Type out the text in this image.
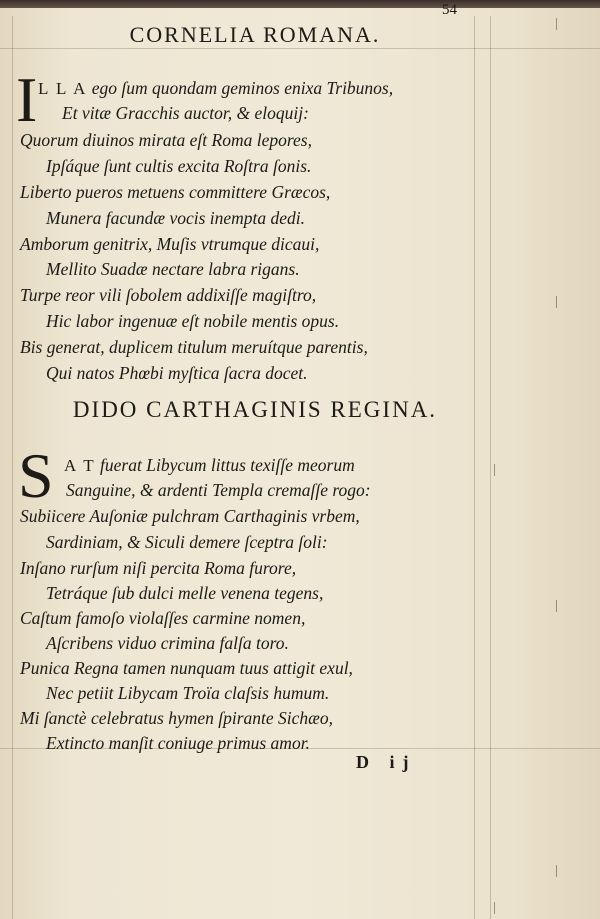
54
CORNELIA ROMANA.
I L L A ego ſum quondam geminos enixa Tribunos,
Et vitæ Gracchis auctor, & eloquij:
Quorum diuinos mirata eſt Roma lepores,
Ipſáque ſunt cultis excita Roſtra ſonis.
Liberto pueros metuens committere Græcos,
Munera facundæ vocis inempta dedi.
Amborum genitrix, Muſis vtrumque dicaui,
Mellito Suadæ nectare labra rigans.
Turpe reor vili ſobolem addixiſſe magiſtro,
Hic labor ingenuæ eſt nobile mentis opus.
Bis generat, duplicem titulum meruítque parentis,
Qui natos Phœbi myſtica ſacra docet.
DIDO CARTHAGINIS REGINA.
S A T fuerat Libycum littus texiſſe meorum
Sanguine, & ardenti Templa cremaſſe rogo:
Subiicere Auſoniæ pulchram Carthaginis vrbem,
Sardiniam, & Siculi demere ſceptra ſoli:
Inſano rurſum niſi percita Roma furore,
Tetráque ſub dulci melle venena tegens,
Caſtum famoſo violaſſes carmine nomen,
Aſcribens viduo crimina falſa toro.
Punica Regna tamen nunquam tuus attigit exul,
Nec petiit Libycam Troïa claſsis humum.
Mi ſanctè celebratus hymen ſpirante Sichæo,
Extincto manſit coniuge primus amor.
D ij
